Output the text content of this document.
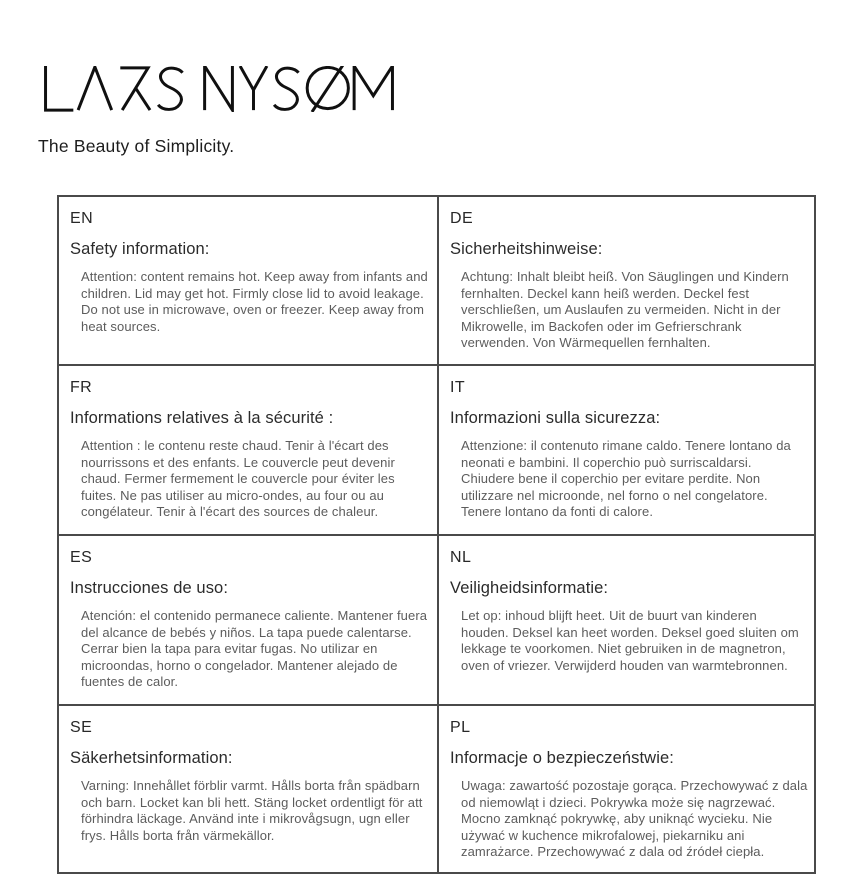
The Beauty of Simplicity.
EN
Safety information:

Attention: content remains hot. Keep away from infants and children. Lid may get hot. Firmly close lid to avoid leakage. Do not use in microwave, oven or freezer. Keep away from heat sources.

DE
Sicherheitshinweise:

Achtung: Inhalt bleibt heiß. Von Säuglingen und Kindern fernhalten. Deckel kann heiß werden. Deckel fest verschließen, um Auslaufen zu vermeiden. Nicht in der Mikrowelle, im Backofen oder im Gefrierschrank verwenden. Von Wärmequellen fernhalten.

FR
Informations relatives à la sécurité :

Attention : le contenu reste chaud. Tenir à l'écart des nourrissons et des enfants. Le couvercle peut devenir chaud. Fermer fermement le couvercle pour éviter les fuites. Ne pas utiliser au micro-ondes, au four ou au congélateur. Tenir à l'écart des sources de chaleur.

IT
Informazioni sulla sicurezza:

Attenzione: il contenuto rimane caldo. Tenere lontano da neonati e bambini. Il coperchio può surriscaldarsi. Chiudere bene il coperchio per evitare perdite. Non utilizzare nel microonde, nel forno o nel congelatore. Tenere lontano da fonti di calore.

ES
Instrucciones de uso:

Atención: el contenido permanece caliente. Mantener fuera del alcance de bebés y niños. La tapa puede calentarse. Cerrar bien la tapa para evitar fugas. No utilizar en microondas, horno o congelador. Mantener alejado de fuentes de calor.

NL
Veiligheidsinformatie:

Let op: inhoud blijft heet. Uit de buurt van kinderen houden. Deksel kan heet worden. Deksel goed sluiten om lekkage te voorkomen. Niet gebruiken in de magnetron, oven of vriezer. Verwijderd houden van warmtebronnen.

SE
Säkerhetsinformation:

Varning: Innehållet förblir varmt. Hålls borta från spädbarn och barn. Locket kan bli hett. Stäng locket ordentligt för att förhindra läckage. Använd inte i mikrovågsugn, ugn eller frys. Hålls borta från värmekällor.

PL
Informacje o bezpieczeństwie:

Uwaga: zawartość pozostaje gorąca. Przechowywać z dala od niemowląt i dzieci. Pokrywka może się nagrzewać. Mocno zamknąć pokrywkę, aby uniknąć wycieku. Nie używać w kuchence mikrofalowej, piekarniku ani zamrażarce. Przechowywać z dala od źródeł ciepła.
